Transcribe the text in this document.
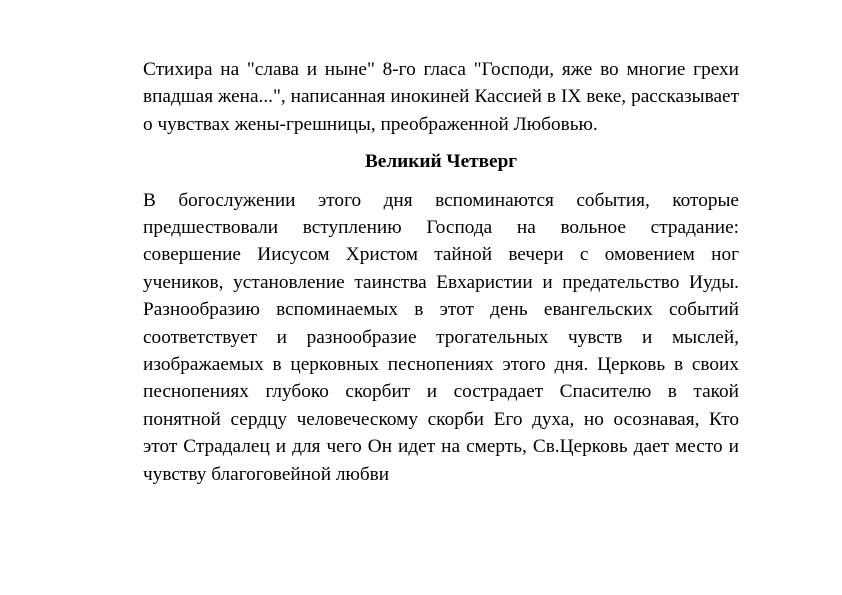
Стихира на "слава и ныне" 8-го гласа "Господи, яже во многие грехи впадшая жена...", написанная инокиней Кассией в IX веке, рассказывает о чувствах жены-грешницы, преображенной Любовью.

Великий Четверг

В богослужении этого дня вспоминаются события, которые предшествовали вступлению Господа на вольное страдание: совершение Иисусом Христом тайной вечери с омовением ног учеников, установление таинства Евхаристии и предательство Иуды. Разнообразию вспоминаемых в этот день евангельских событий соответствует и разнообразие трогательных чувств и мыслей, изображаемых в церковных песнопениях этого дня. Церковь в своих песнопениях глубоко скорбит и сострадает Спасителю в такой понятной сердцу человеческому скорби Его духа, но осознавая, Кто этот Страдалец и для чего Он идет на смерть, Св.Церковь дает место и чувству благоговейной любви
